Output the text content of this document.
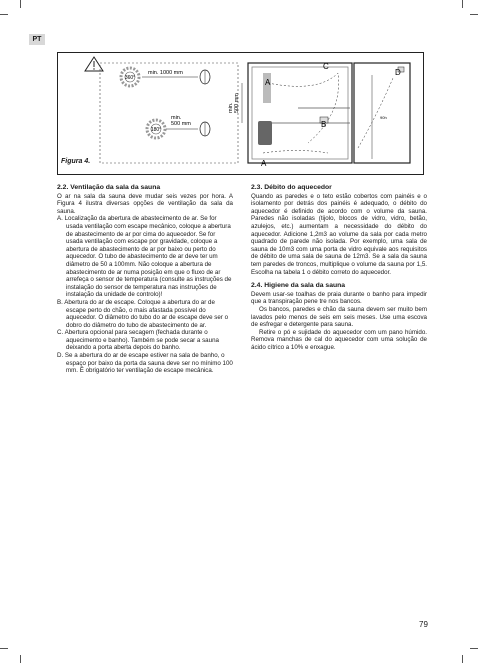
PT
360°
min. 1000 mm
180°
min.
500 mm
min. 500 mm
A
A
B
C
D
90h
Figura 4.

2.2. Ventilação da sala da sauna

O ar na sala da sauna deve mudar seis vezes por hora. A Figura 4 ilustra diversas opções de ventilação da sala da sauna.

A. Localização da abertura de abastecimento de ar. Se for usada ventilação com escape mecânico, coloque a abertura de abastecimento de ar por cima do aquecedor. Se for usada ventilação com escape por gravidade, coloque a abertura de abastecimento de ar por baixo ou perto do aquecedor. O tubo de abastecimento de ar deve ter um diâmetro de 50 a 100mm. Não coloque a abertura de abastecimento de ar numa posição em que o fluxo de ar arrefeça o sensor de temperatura (consulte as instruções de instalação do sensor de temperatura nas instruções de instalação da unidade de controlo)!

B. Abertura do ar de escape. Coloque a abertura do ar de escape perto do chão, o mais afastada possível do aquecedor. O diâmetro do tubo do ar de escape deve ser o dobro do diâmetro do tubo de abastecimento de ar.

C. Abertura opcional para secagem (fechada durante o aquecimento e banho). Também se pode secar a sauna deixando a porta aberta depois do banho.

D. Se a abertura do ar de escape estiver na sala de banho, o espaço por baixo da porta da sauna deve ser no mínimo 100 mm. É obrigatório ter ventilação de escape mecânica.

2.3. Débito do aquecedor

Quando as paredes e o teto estão cobertos com painéis e o isolamento por detrás dos painéis é adequado, o débito do aquecedor é definido de acordo com o volume da sauna. Paredes não isoladas (tijolo, blocos de vidro, vidro, betão, azulejos, etc.) aumentam a necessidade do débito do aquecedor. Adicione 1,2m3 ao volume da sala por cada metro quadrado de parede não isolada. Por exemplo, uma sala de sauna de 10m3 com uma porta de vidro equivale aos requisitos de débito de uma sala de sauna de 12m3. Se a sala da sauna tem paredes de troncos, multiplique o volume da sauna por 1,5. Escolha na tabela 1 o débito correto do aquecedor.

2.4. Higiene da sala da sauna

Devem usar-se toalhas de praia durante o banho para impedir que a transpiração pene tre nos bancos.

Os bancos, paredes e chão da sauna devem ser muito bem lavados pelo menos de seis em seis meses. Use uma escova de esfregar e detergente para sauna.

Retire o pó e sujidade do aquecedor com um pano húmido. Remova manchas de cal do aquecedor com uma solução de ácido cítrico a 10% e enxague.

79
